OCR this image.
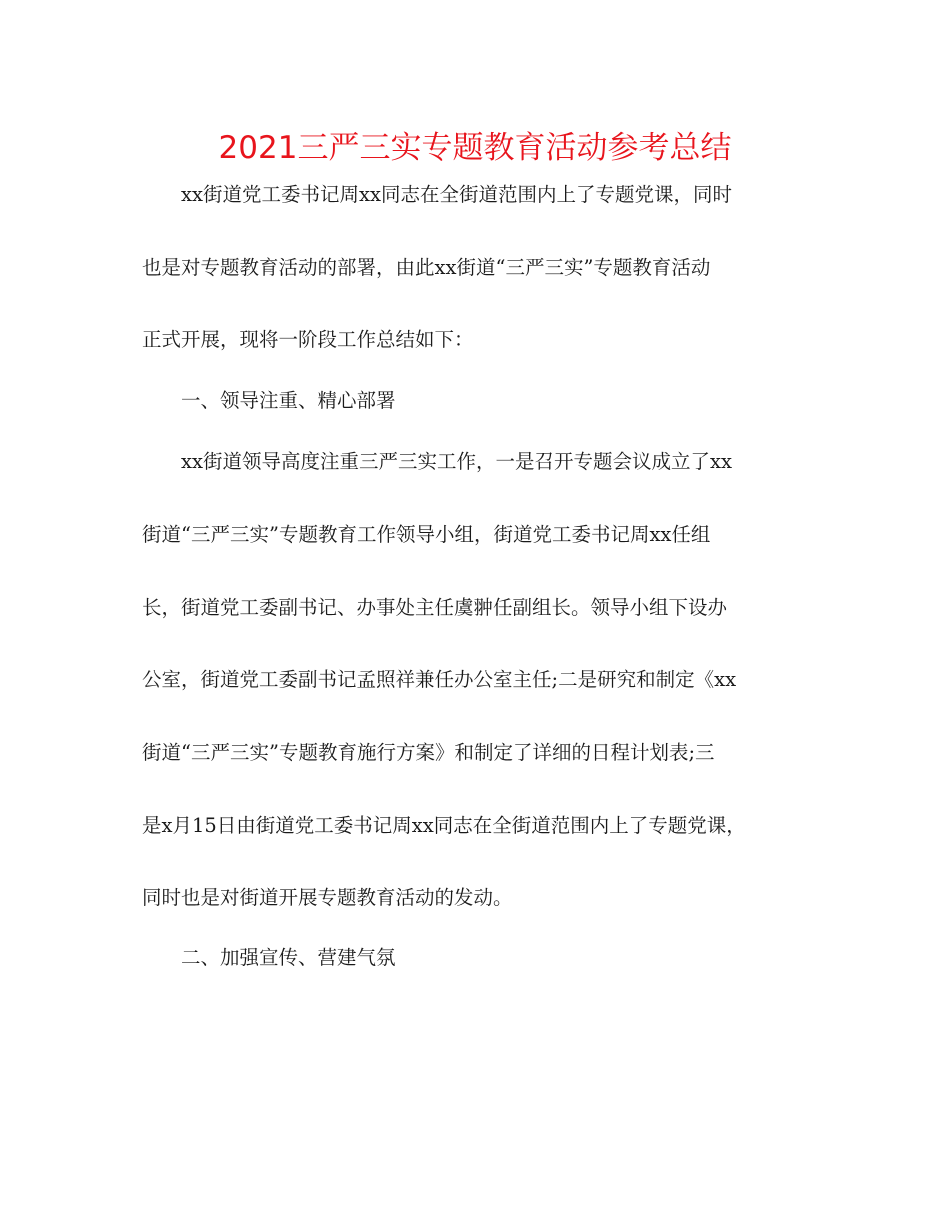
2021三严三实专题教育活动参考总结
xx街道党工委书记周xx同志在全街道范围内上了专题党课，同时
也是对专题教育活动的部署，由此xx街道“三严三实”专题教育活动
正式开展，现将一阶段工作总结如下：
一、领导注重、精心部署
xx街道领导高度注重三严三实工作，一是召开专题会议成立了xx
街道“三严三实”专题教育工作领导小组，街道党工委书记周xx任组
长，街道党工委副书记、办事处主任虞翀任副组长。领导小组下设办
公室，街道党工委副书记孟照祥兼任办公室主任;二是研究和制定《xx
街道“三严三实”专题教育施行方案》和制定了详细的日程计划表;三
是x月15日由街道党工委书记周xx同志在全街道范围内上了专题党课，
同时也是对街道开展专题教育活动的发动。
二、加强宣传、营建气氛
